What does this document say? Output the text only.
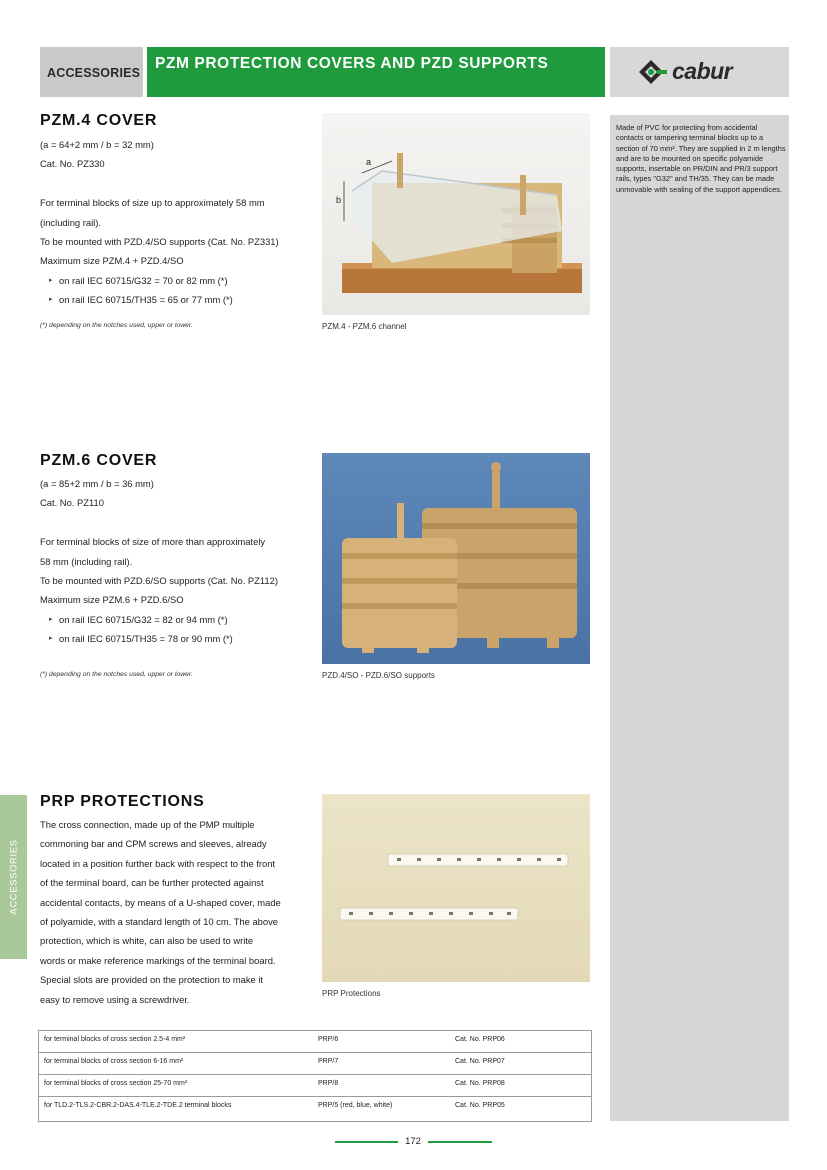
ACCESSORIES
PZM PROTECTION COVERS AND PZD SUPPORTS	cabur
Made of PVC for protecting from accidental contacts or tampering terminal blocks up to a section of 70 mm². They are supplied in 2 m lengths and are to be mounted on specific polyamide supports, insertable on PR/DIN and PR/3 support rails, types "G32" and TH/35. They can be made unmovable with sealing of the support appendices.
ACCESSORIES
PZM.4 COVER
(a = 64+2 mm / b = 32 mm)
Cat. No. PZ330
For terminal blocks of size up to approximately 58 mm
(including rail).
To be mounted with PZD.4/SO supports (Cat. No. PZ331)
Maximum size PZM.4 + PZD.4/SO
▸ on rail IEC 60715/G32 = 70 or 82 mm (*)
▸ on rail IEC 60715/TH35 = 65 or 77 mm (*)
(*) depending on the notches used, upper or lower.
b
a
PZM.4 - PZM.6 channel
PZM.6 COVER
(a = 85+2 mm / b = 36 mm)
Cat. No. PZ110
For terminal blocks of size of more than approximately
58 mm (including rail).
To be mounted with PZD.6/SO supports (Cat. No. PZ112)
Maximum size PZM.6 + PZD.6/SO
▸ on rail IEC 60715/G32 = 82 or 94 mm (*)
▸ on rail IEC 60715/TH35 = 78 or 90 mm (*)
(*) depending on the notches used, upper or lower.	PZD.4/SO - PZD.6/SO supports
PRP PROTECTIONS
The cross connection, made up of the PMP multiple
commoning bar and CPM screws and sleeves, already
located in a position further back with respect to the front
of the terminal board, can be further protected against
accidental contacts, by means of a U-shaped cover, made
of polyamide, with a standard length of 10 cm. The above
protection, which is white, can also be used to write
words or make reference markings of the terminal board.
Special slots are provided on the protection to make it
easy to remove using a screwdriver.
PRP Protections
for terminal blocks of cross section 2.5-4 mm²	PRP/6	Cat. No. PRP06
for terminal blocks of cross section 6-16 mm²	PRP/7	Cat. No. PRP07
for terminal blocks of cross section 25-70 mm²	PRP/8	Cat. No. PRP08
for TLD.2-TLS.2-CBR.2-DAS.4-TLE.2-TDE.2 terminal blocks	PRP/5 (red, blue, white)	Cat. No. PRP05
172
